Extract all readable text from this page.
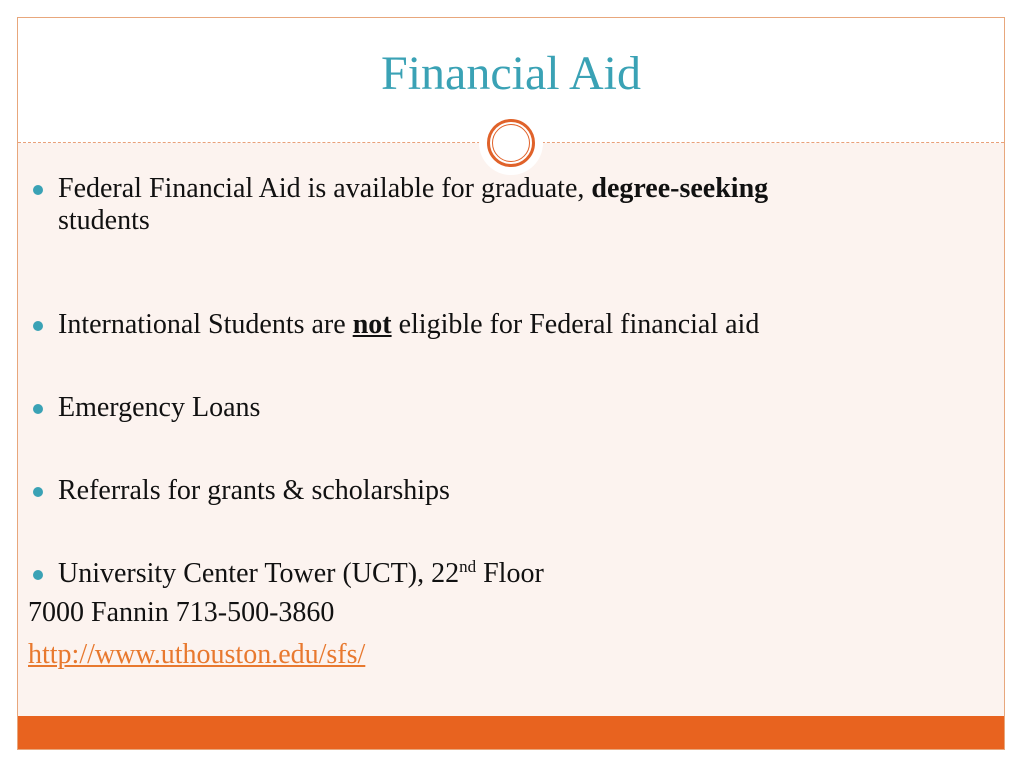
Financial Aid
Federal Financial Aid is available for graduate, degree-seeking
students
International Students are not eligible for Federal financial aid
Emergency Loans
Referrals for grants & scholarships
University Center Tower (UCT), 22nd Floor
7000 Fannin 713-500-3860
http://www.uthouston.edu/sfs/
